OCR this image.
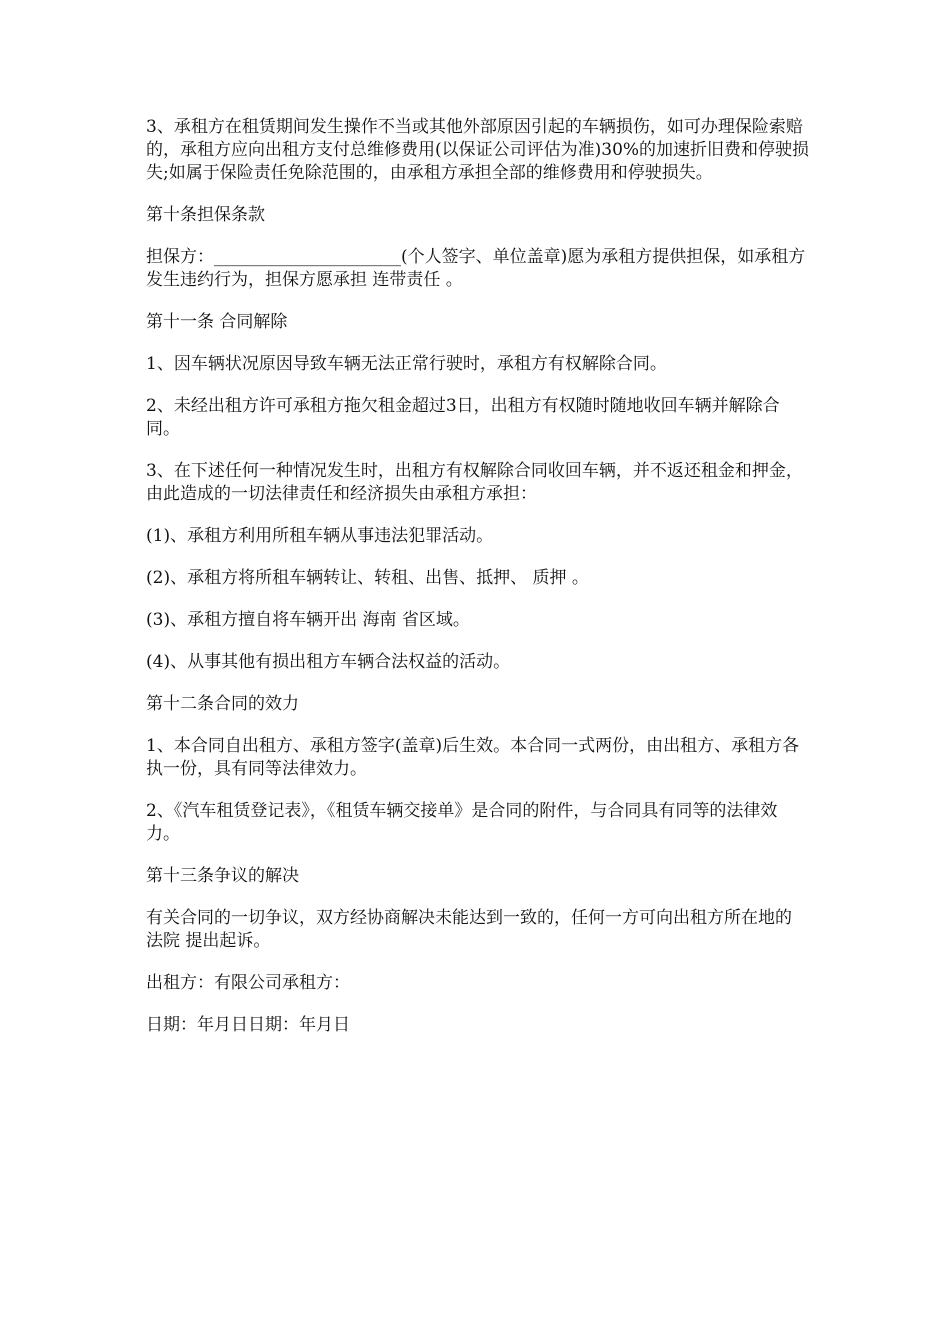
3、承租方在租赁期间发生操作不当或其他外部原因引起的车辆损伤，如可办理保险索赔的，承租方应向出租方支付总维修费用(以保证公司评估为准)30%的加速折旧费和停驶损失;如属于保险责任免除范围的，由承租方承担全部的维修费用和停驶损失。

第十条担保条款

担保方：______________________(个人签字、单位盖章)愿为承租方提供担保，如承租方发生违约行为，担保方愿承担 连带责任 。

第十一条 合同解除

1、因车辆状况原因导致车辆无法正常行驶时，承租方有权解除合同。

2、未经出租方许可承租方拖欠租金超过3日，出租方有权随时随地收回车辆并解除合同。

3、在下述任何一种情况发生时，出租方有权解除合同收回车辆，并不返还租金和押金，由此造成的一切法律责任和经济损失由承租方承担：

(1)、承租方利用所租车辆从事违法犯罪活动。

(2)、承租方将所租车辆转让、转租、出售、抵押、 质押 。

(3)、承租方擅自将车辆开出 海南 省区域。

(4)、从事其他有损出租方车辆合法权益的活动。

第十二条合同的效力

1、本合同自出租方、承租方签字(盖章)后生效。本合同一式两份，由出租方、承租方各执一份，具有同等法律效力。

2、《汽车租赁登记表》，《租赁车辆交接单》是合同的附件，与合同具有同等的法律效力。

第十三条争议的解决

有关合同的一切争议，双方经协商解决未能达到一致的，任何一方可向出租方所在地的 法院 提出起诉。

出租方：有限公司承租方：

日期：年月日日期：年月日
